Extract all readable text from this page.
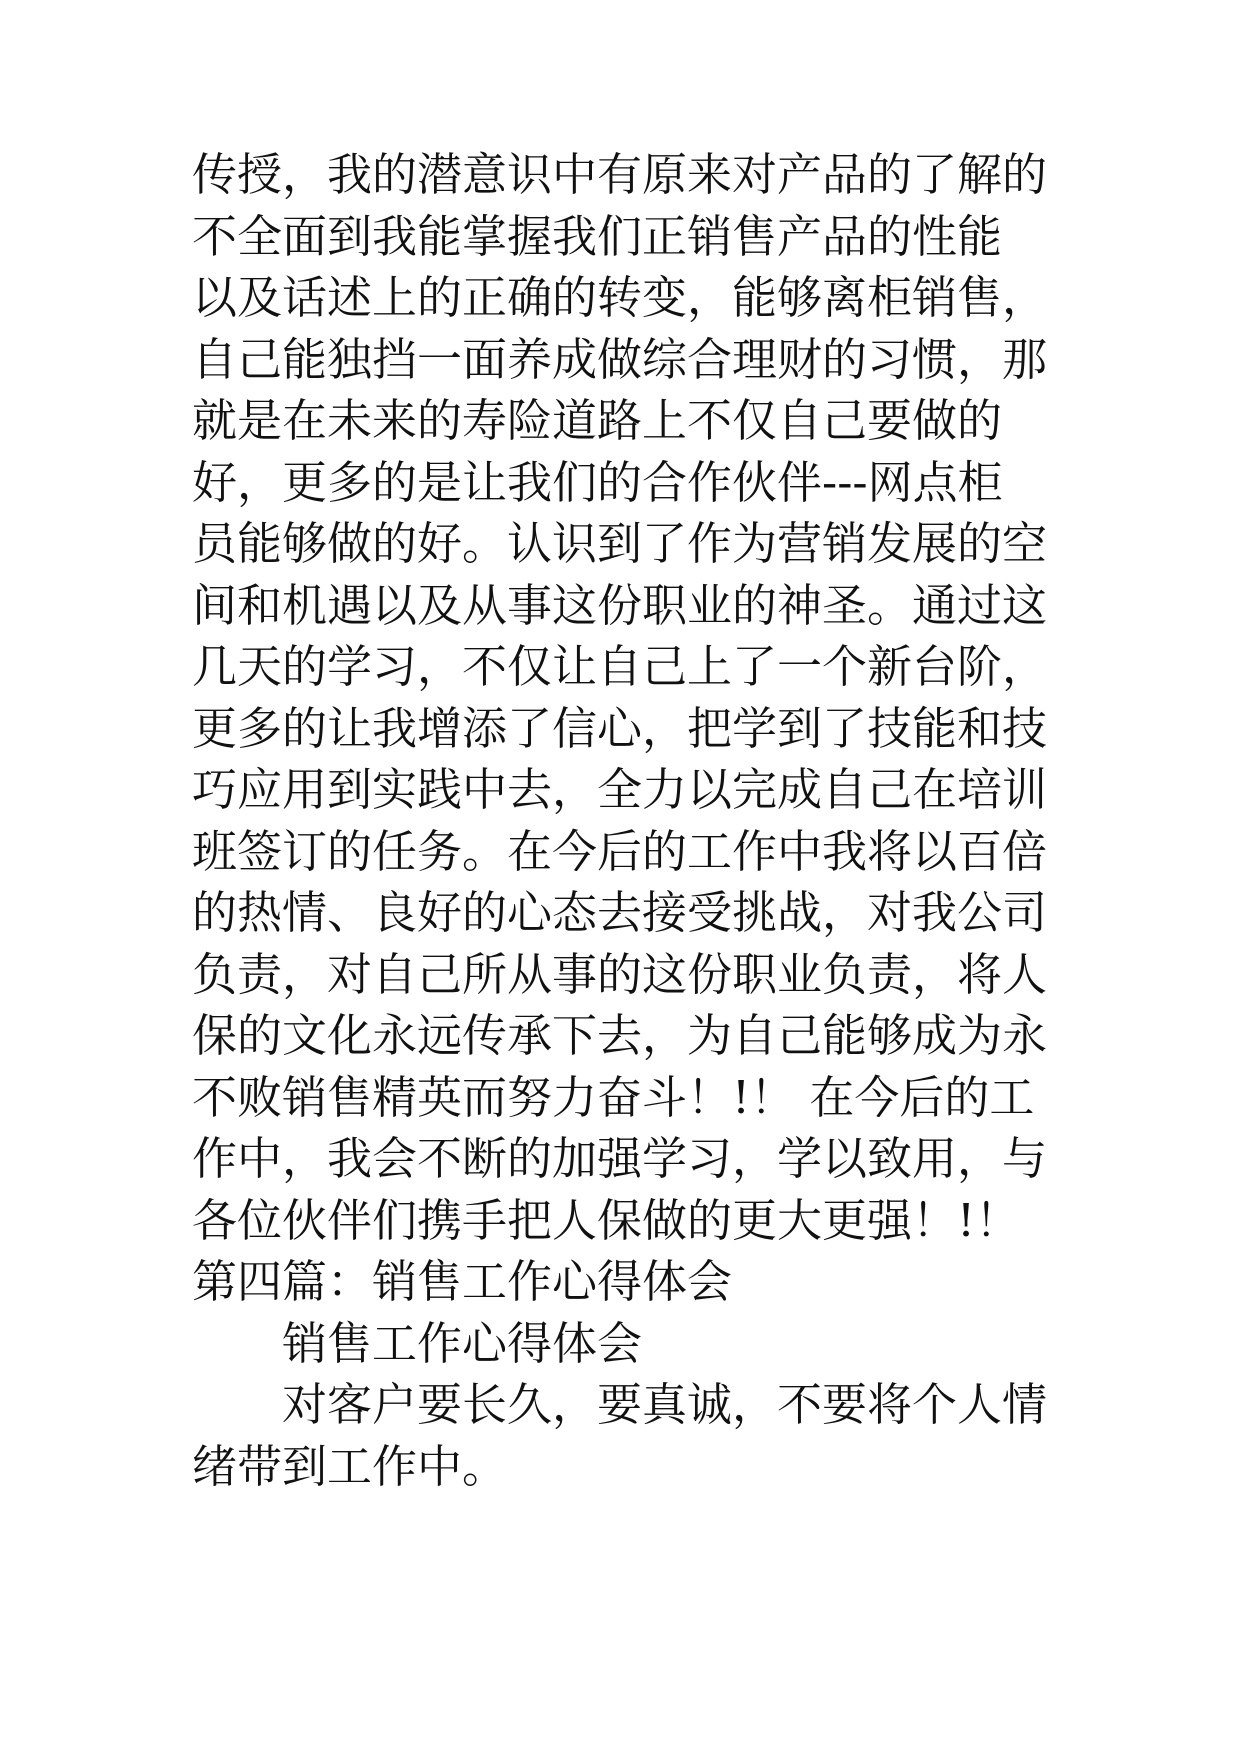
传授，我的潜意识中有原来对产品的了解的
不全面到我能掌握我们正销售产品的性能
以及话述上的正确的转变，能够离柜销售，
自己能独挡一面养成做综合理财的习惯，那
就是在未来的寿险道路上不仅自己要做的
好，更多的是让我们的合作伙伴---网点柜
员能够做的好。认识到了作为营销发展的空
间和机遇以及从事这份职业的神圣。通过这
几天的学习，不仅让自己上了一个新台阶，
更多的让我增添了信心，把学到了技能和技
巧应用到实践中去，全力以完成自己在培训
班签订的任务。在今后的工作中我将以百倍
的热情、良好的心态去接受挑战，对我公司
负责，对自己所从事的这份职业负责，将人
保的文化永远传承下去，为自己能够成为永
不败销售精英而努力奋斗！!！ 在今后的工
作中，我会不断的加强学习，学以致用，与
各位伙伴们携手把人保做的更大更强！!！
第四篇：销售工作心得体会
销售工作心得体会
对客户要长久，要真诚，不要将个人情
绪带到工作中。
